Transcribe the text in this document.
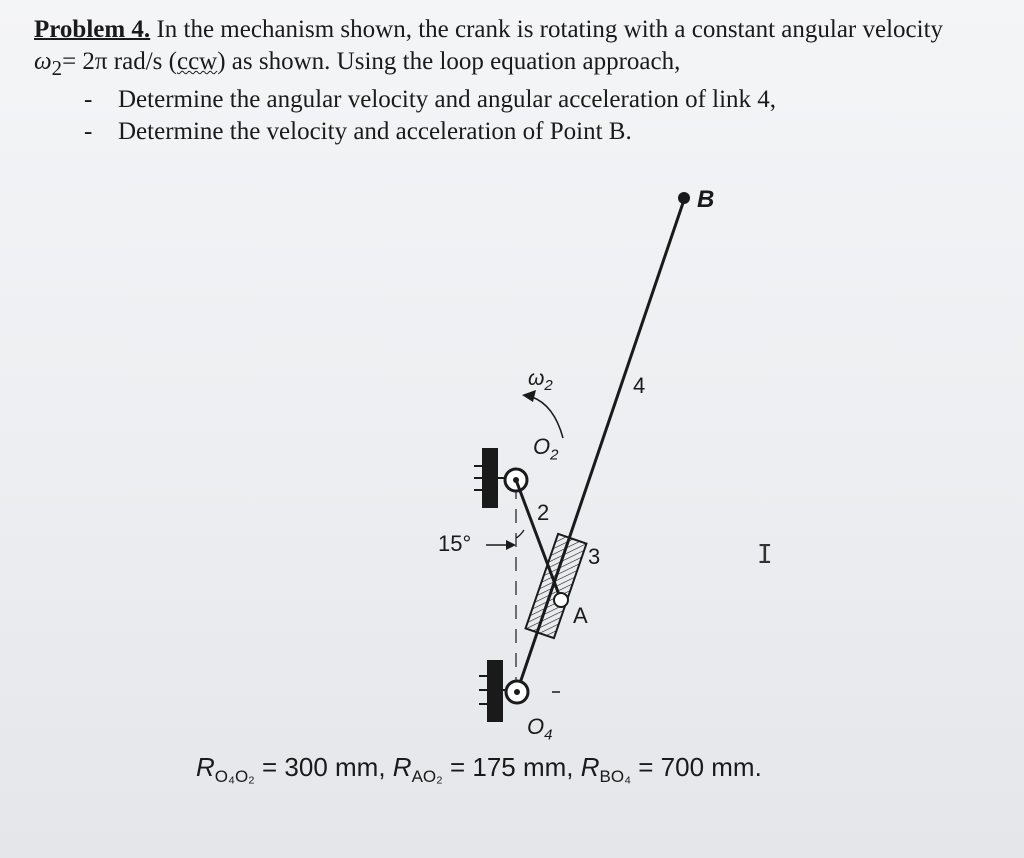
Problem 4. In the mechanism shown, the crank is rotating with a constant angular velocity
$\omega_2= 2\pi$ rad/s (ccw) as shown. Using the loop equation approach,
- Determine the angular velocity and angular acceleration of link 4,
- Determine the velocity and acceleration of Point B.
B
$\omega_2$	4
$O_2$
2
15°
3
A
$O_4$
I
$R_{O_4O_2} = 300$ mm, $R_{AO_2} = 175$ mm, $R_{BO_4} = 700$ mm.
